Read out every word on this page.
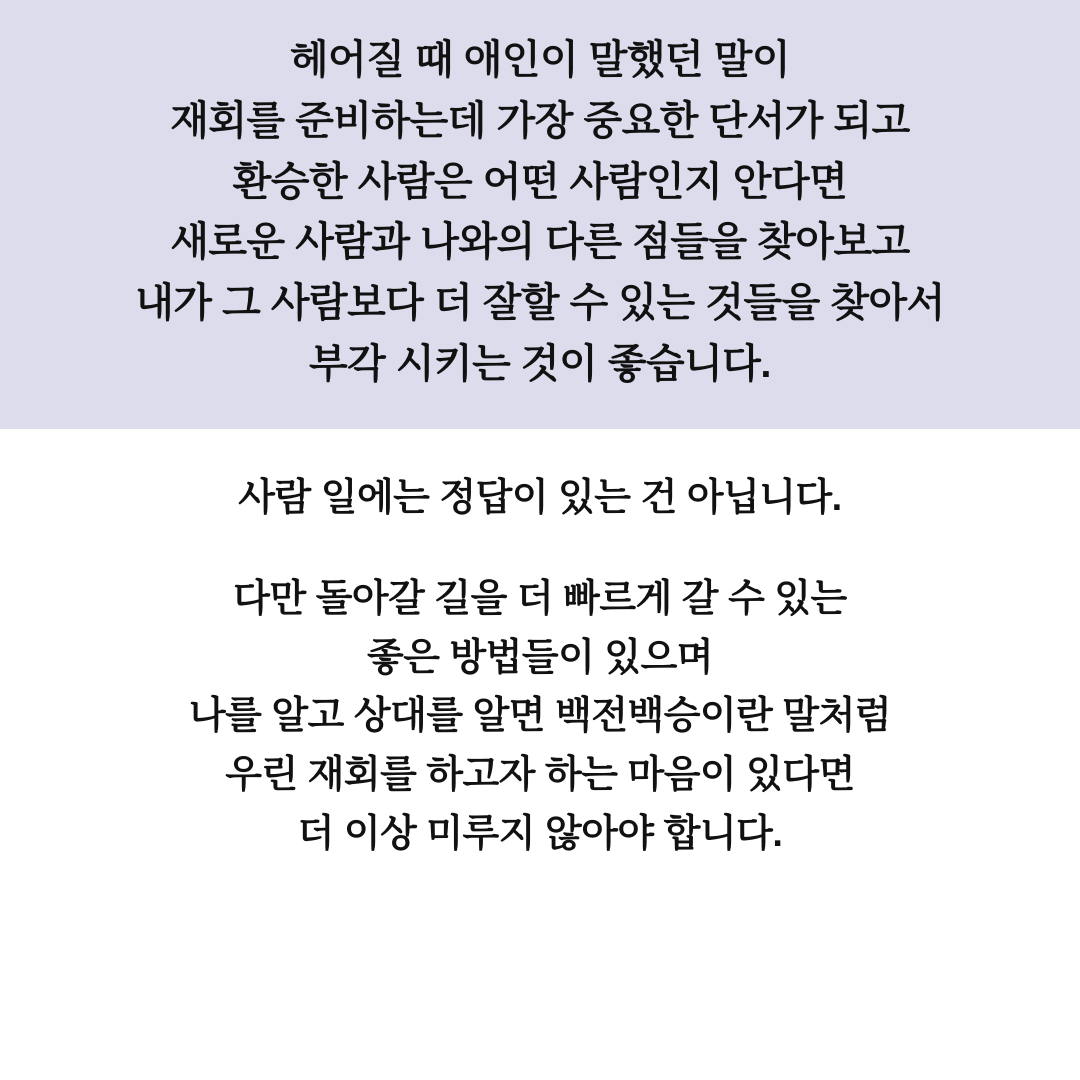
헤어질 때 애인이 말했던 말이
재회를 준비하는데 가장 중요한 단서가 되고
환승한 사람은 어떤 사람인지 안다면
새로운 사람과 나와의 다른 점들을 찾아보고
내가 그 사람보다 더 잘할 수 있는 것들을 찾아서
부각 시키는 것이 좋습니다.
사람 일에는 정답이 있는 건 아닙니다.
다만 돌아갈 길을 더 빠르게 갈 수 있는
좋은 방법들이 있으며
나를 알고 상대를 알면 백전백승이란 말처럼
우린 재회를 하고자 하는 마음이 있다면
더 이상 미루지 않아야 합니다.
